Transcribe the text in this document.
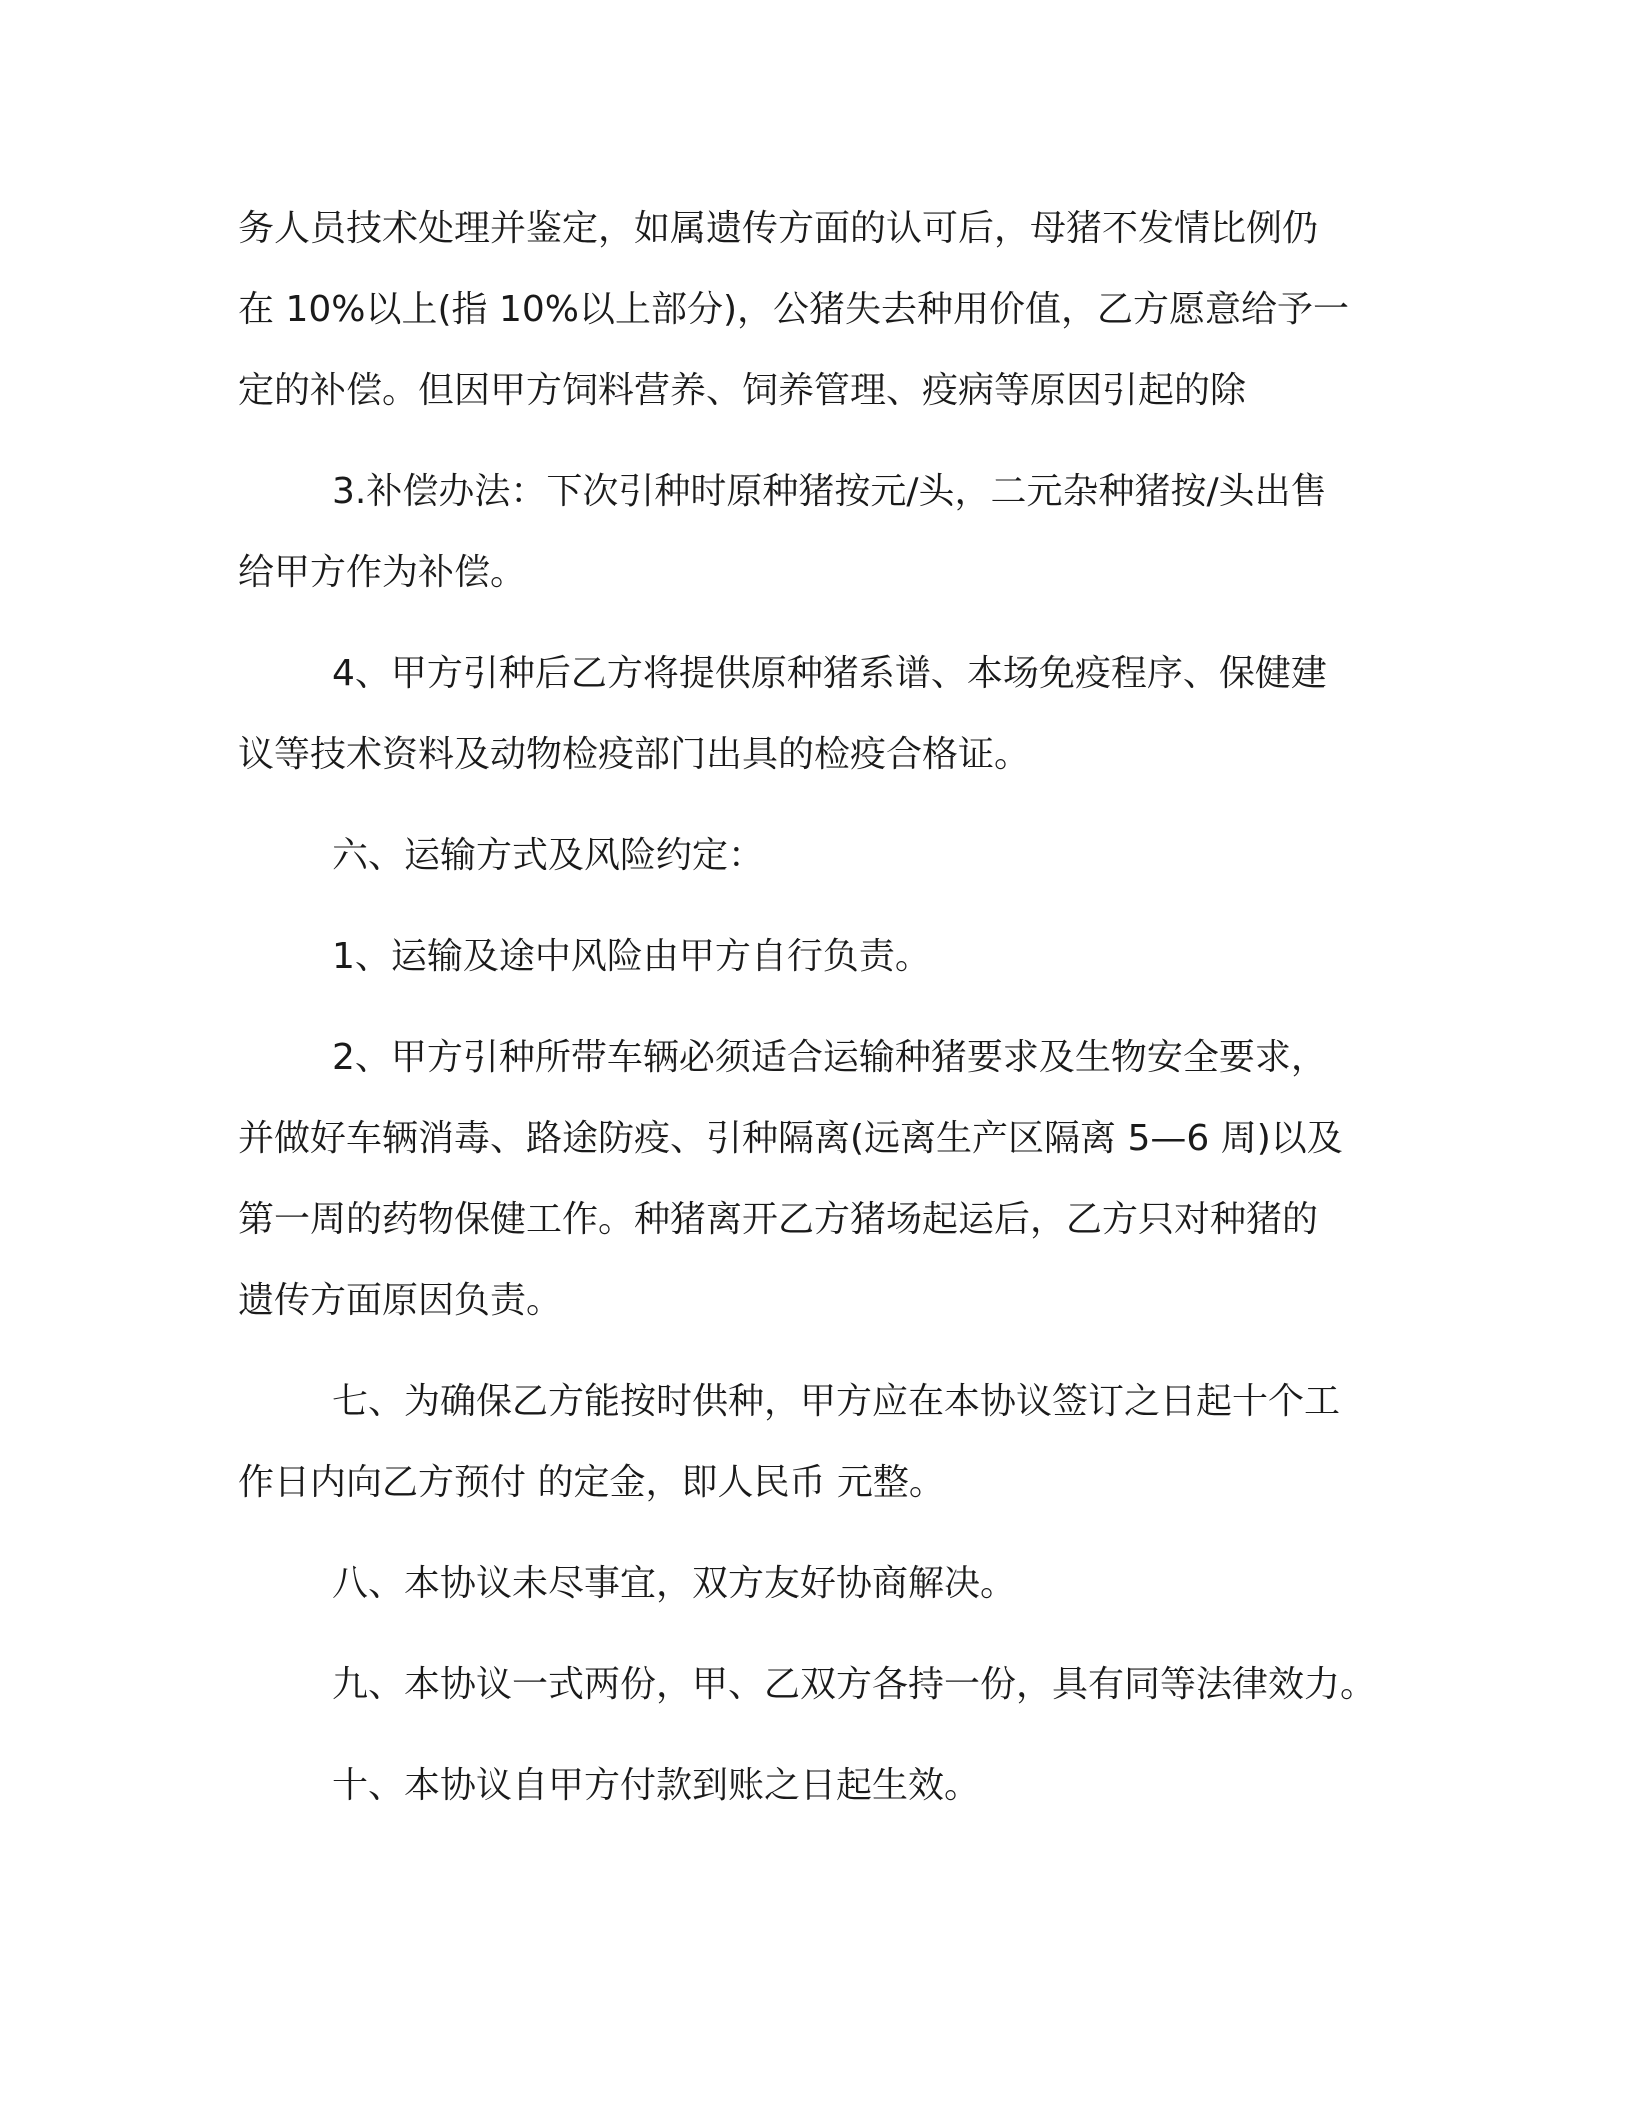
务人员技术处理并鉴定，如属遗传方面的认可后，母猪不发情比例仍
在 10%以上(指 10%以上部分)，公猪失去种用价值，乙方愿意给予一
定的补偿。但因甲方饲料营养、饲养管理、疫病等原因引起的除
3.补偿办法：下次引种时原种猪按元/头，二元杂种猪按/头出售
给甲方作为补偿。
4、甲方引种后乙方将提供原种猪系谱、本场免疫程序、保健建
议等技术资料及动物检疫部门出具的检疫合格证。
六、运输方式及风险约定：
1、运输及途中风险由甲方自行负责。
2、甲方引种所带车辆必须适合运输种猪要求及生物安全要求，
并做好车辆消毒、路途防疫、引种隔离(远离生产区隔离 5—6 周)以及
第一周的药物保健工作。种猪离开乙方猪场起运后，乙方只对种猪的
遗传方面原因负责。
七、为确保乙方能按时供种，甲方应在本协议签订之日起十个工
作日内向乙方预付 的定金，即人民币 元整。
八、本协议未尽事宜，双方友好协商解决。
九、本协议一式两份，甲、乙双方各持一份，具有同等法律效力。
十、本协议自甲方付款到账之日起生效。
